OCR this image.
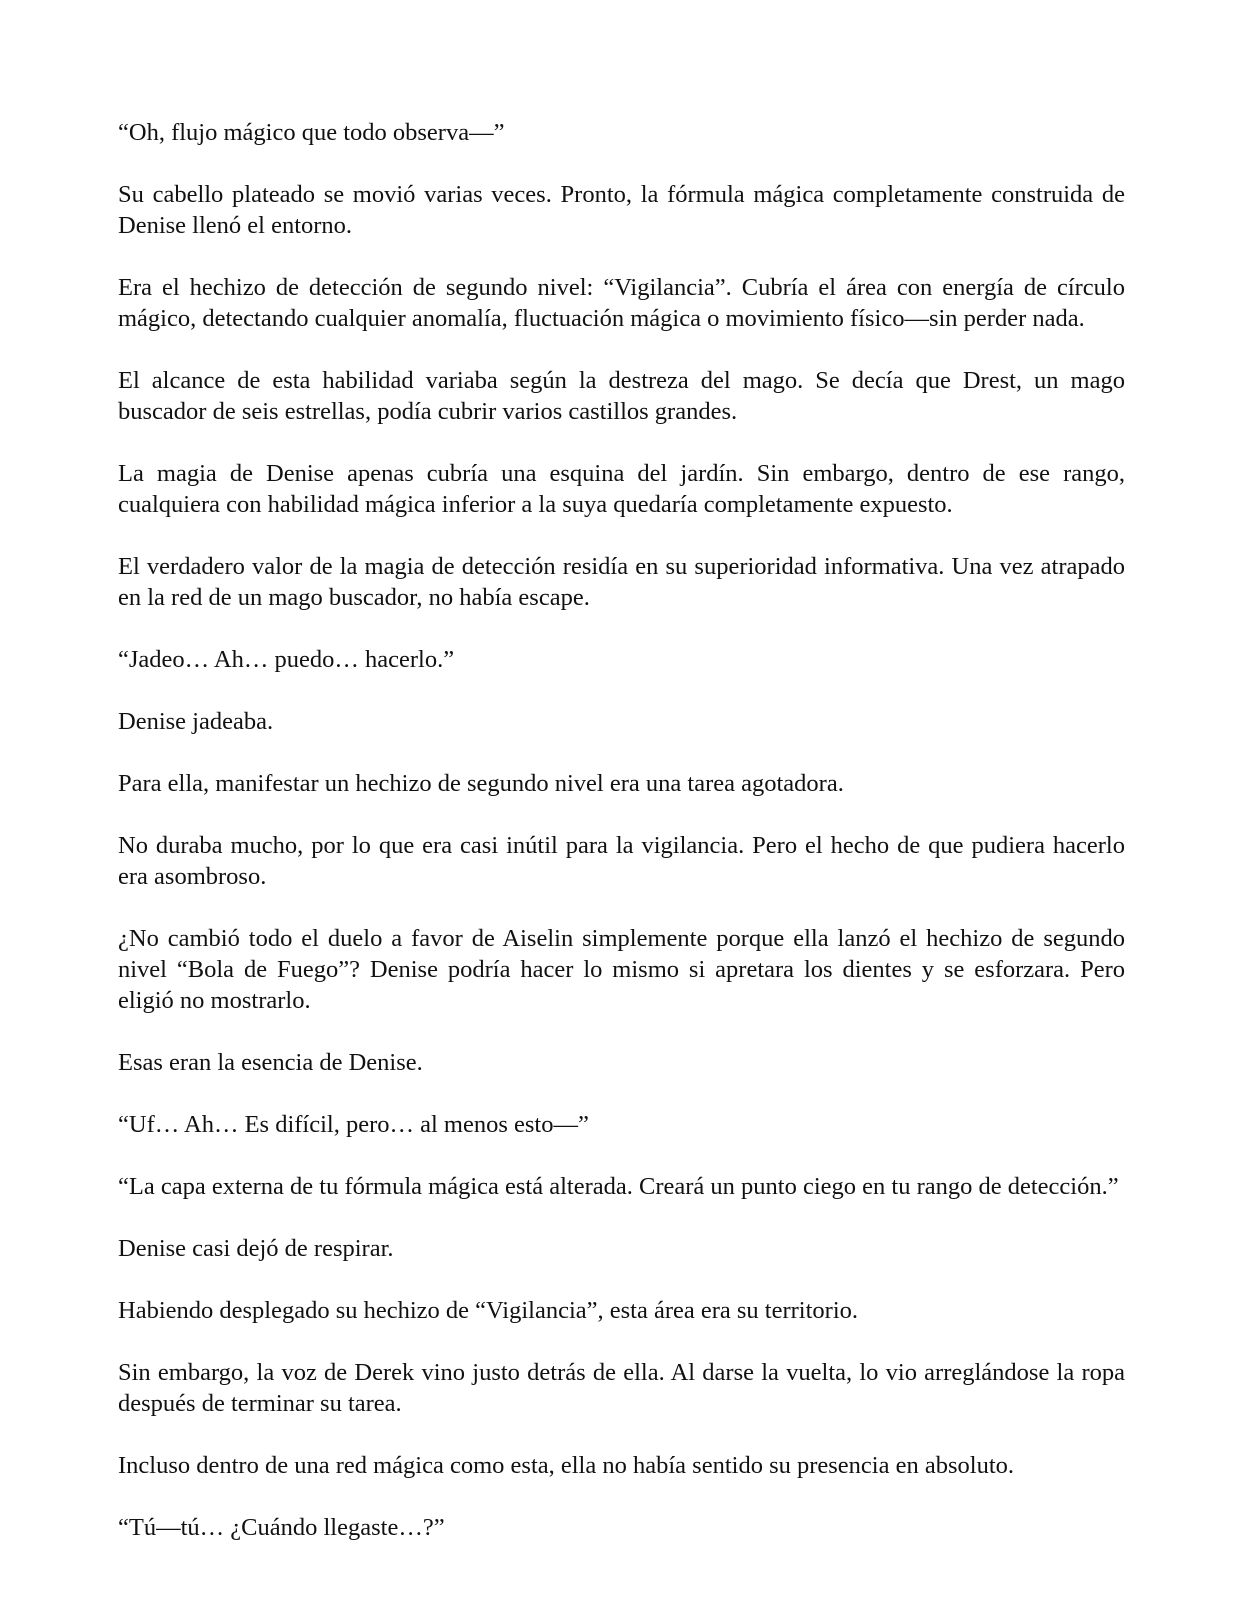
“Oh, flujo mágico que todo observa—”

Su cabello plateado se movió varias veces. Pronto, la fórmula mágica completamente construida de Denise llenó el entorno.

Era el hechizo de detección de segundo nivel: “Vigilancia”. Cubría el área con energía de círculo mágico, detectando cualquier anomalía, fluctuación mágica o movimiento físico—sin perder nada.

El alcance de esta habilidad variaba según la destreza del mago. Se decía que Drest, un mago buscador de seis estrellas, podía cubrir varios castillos grandes.

La magia de Denise apenas cubría una esquina del jardín. Sin embargo, dentro de ese rango, cualquiera con habilidad mágica inferior a la suya quedaría completamente expuesto.

El verdadero valor de la magia de detección residía en su superioridad informativa. Una vez atrapado en la red de un mago buscador, no había escape.

“Jadeo… Ah… puedo… hacerlo.”

Denise jadeaba.

Para ella, manifestar un hechizo de segundo nivel era una tarea agotadora.

No duraba mucho, por lo que era casi inútil para la vigilancia. Pero el hecho de que pudiera hacerlo era asombroso.

¿No cambió todo el duelo a favor de Aiselin simplemente porque ella lanzó el hechizo de segundo nivel “Bola de Fuego”? Denise podría hacer lo mismo si apretara los dientes y se esforzara. Pero eligió no mostrarlo.

Esas eran la esencia de Denise.

“Uf… Ah… Es difícil, pero… al menos esto—”

“La capa externa de tu fórmula mágica está alterada. Creará un punto ciego en tu rango de detección.”

Denise casi dejó de respirar.

Habiendo desplegado su hechizo de “Vigilancia”, esta área era su territorio.

Sin embargo, la voz de Derek vino justo detrás de ella. Al darse la vuelta, lo vio arreglándose la ropa después de terminar su tarea.

Incluso dentro de una red mágica como esta, ella no había sentido su presencia en absoluto.

“Tú—tú… ¿Cuándo llegaste…?”
